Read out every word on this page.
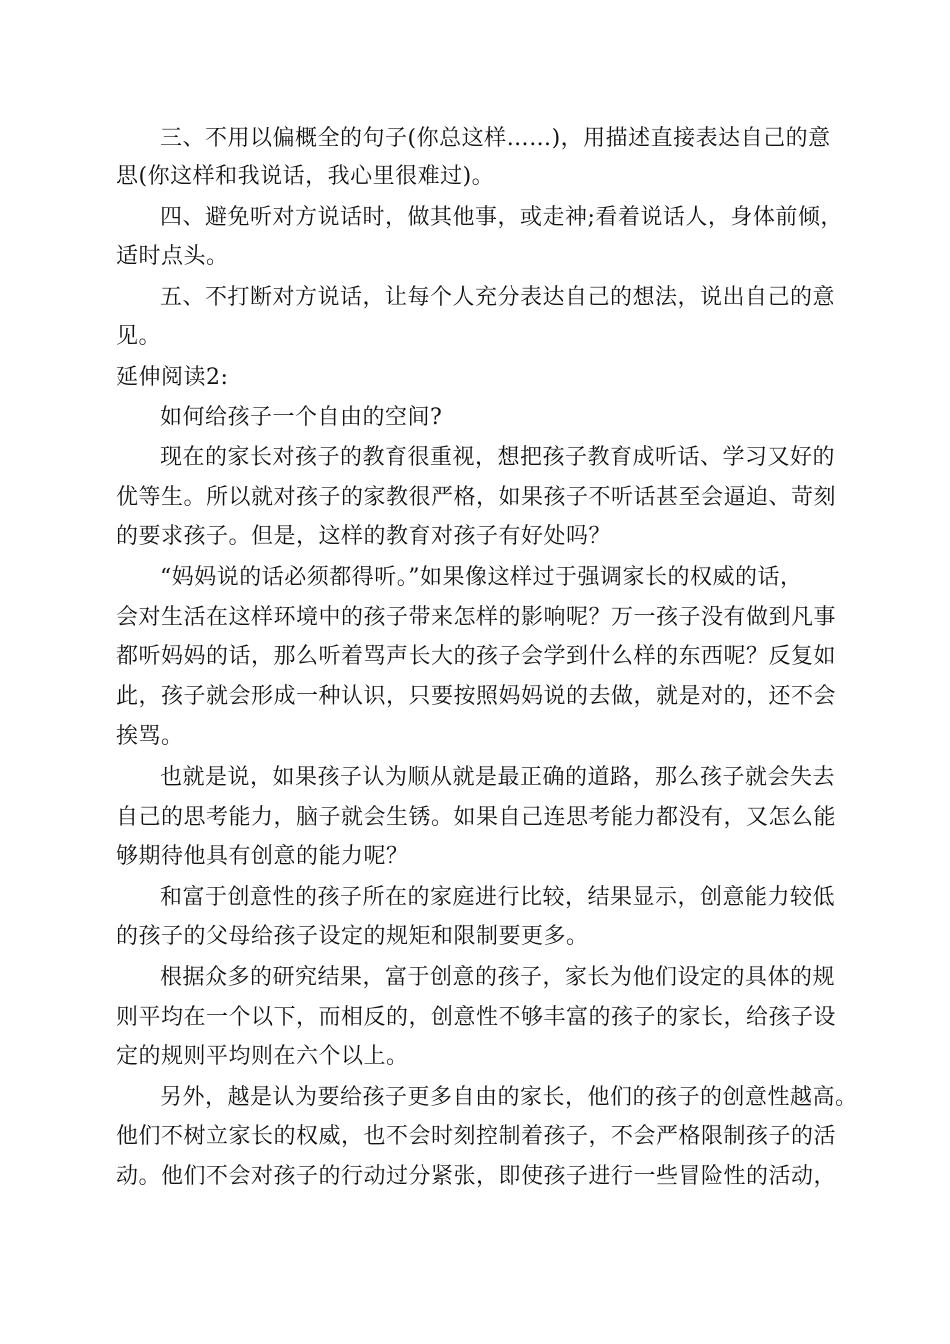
三、不用以偏概全的句子(你总这样……)，用描述直接表达自己的意
思(你这样和我说话，我心里很难过)。
四、避免听对方说话时，做其他事，或走神;看着说话人，身体前倾，
适时点头。
五、不打断对方说话，让每个人充分表达自己的想法，说出自己的意
见。
延伸阅读2:
如何给孩子一个自由的空间?
现在的家长对孩子的教育很重视，想把孩子教育成听话、学习又好的
优等生。所以就对孩子的家教很严格，如果孩子不听话甚至会逼迫、苛刻
的要求孩子。但是，这样的教育对孩子有好处吗？
“妈妈说的话必须都得听。”如果像这样过于强调家长的权威的话，
会对生活在这样环境中的孩子带来怎样的影响呢？万一孩子没有做到凡事
都听妈妈的话，那么听着骂声长大的孩子会学到什么样的东西呢？反复如
此，孩子就会形成一种认识，只要按照妈妈说的去做，就是对的，还不会
挨骂。
也就是说，如果孩子认为顺从就是最正确的道路，那么孩子就会失去
自己的思考能力，脑子就会生锈。如果自己连思考能力都没有，又怎么能
够期待他具有创意的能力呢？
和富于创意性的孩子所在的家庭进行比较，结果显示，创意能力较低
的孩子的父母给孩子设定的规矩和限制要更多。
根据众多的研究结果，富于创意的孩子，家长为他们设定的具体的规
则平均在一个以下，而相反的，创意性不够丰富的孩子的家长，给孩子设
定的规则平均则在六个以上。
另外，越是认为要给孩子更多自由的家长，他们的孩子的创意性越高。
他们不树立家长的权威，也不会时刻控制着孩子，不会严格限制孩子的活
动。他们不会对孩子的行动过分紧张，即使孩子进行一些冒险性的活动，
